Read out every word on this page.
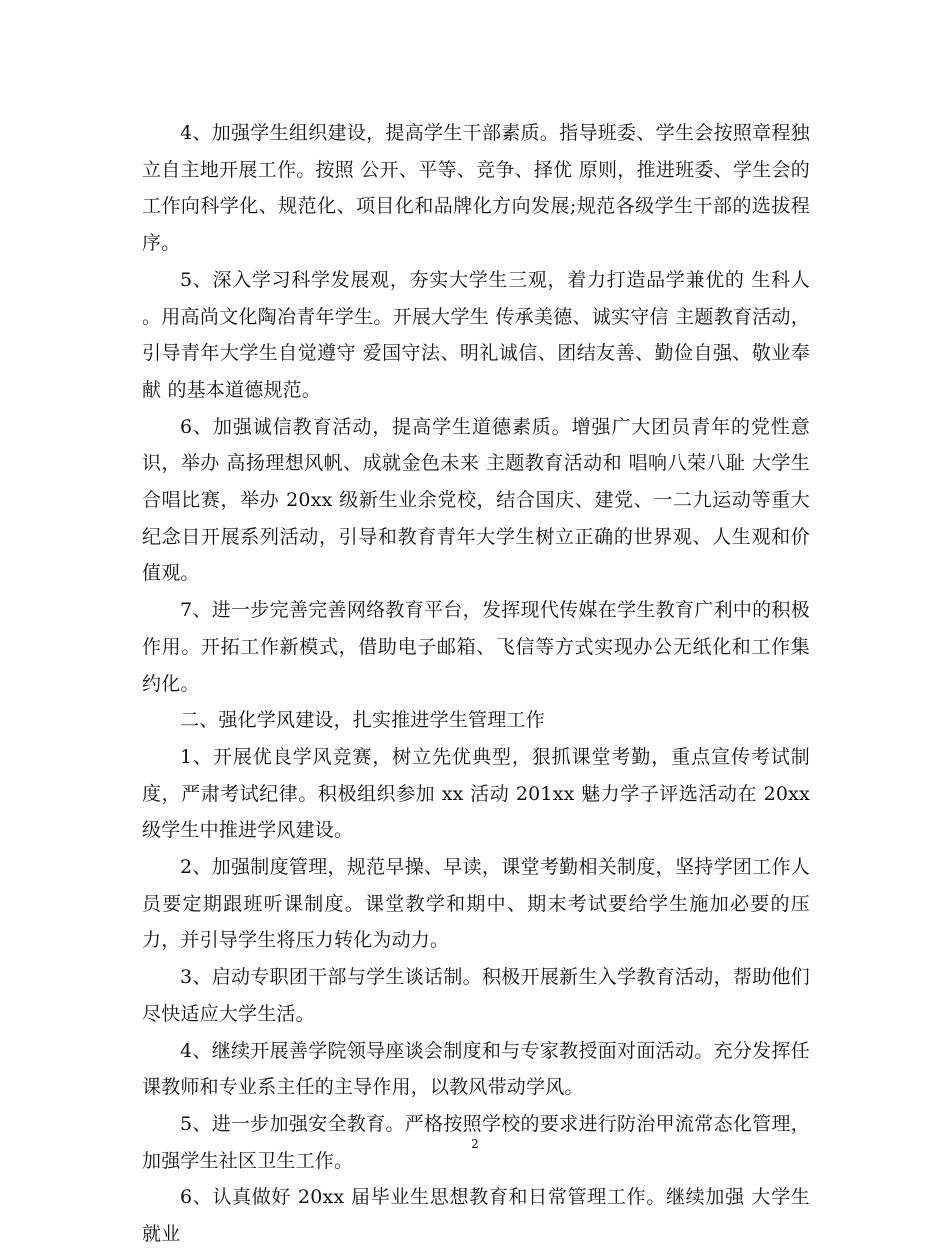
4、加强学生组织建设，提高学生干部素质。指导班委、学生会按照章程独立自主地开展工作。按照 公开、平等、竞争、择优 原则，推进班委、学生会的工作向科学化、规范化、项目化和品牌化方向发展;规范各级学生干部的选拔程序。

5、深入学习科学发展观，夯实大学生三观，着力打造品学兼优的 生科人 。用高尚文化陶冶青年学生。开展大学生 传承美德、诚实守信 主题教育活动，引导青年大学生自觉遵守 爱国守法、明礼诚信、团结友善、勤俭自强、敬业奉献 的基本道德规范。

6、加强诚信教育活动，提高学生道德素质。增强广大团员青年的党性意识，举办 高扬理想风帆、成就金色未来 主题教育活动和 唱响八荣八耻 大学生合唱比赛，举办 20xx 级新生业余党校，结合国庆、建党、一二九运动等重大纪念日开展系列活动，引导和教育青年大学生树立正确的世界观、人生观和价值观。

7、进一步完善完善网络教育平台，发挥现代传媒在学生教育广利中的积极作用。开拓工作新模式，借助电子邮箱、飞信等方式实现办公无纸化和工作集约化。

二、强化学风建设，扎实推进学生管理工作

1、开展优良学风竞赛，树立先优典型，狠抓课堂考勤，重点宣传考试制度，严肃考试纪律。积极组织参加 xx 活动 201xx 魅力学子评选活动在 20xx 级学生中推进学风建设。

2、加强制度管理，规范早操、早读，课堂考勤相关制度，坚持学团工作人员要定期跟班听课制度。课堂教学和期中、期末考试要给学生施加必要的压力，并引导学生将压力转化为动力。

3、启动专职团干部与学生谈话制。积极开展新生入学教育活动，帮助他们尽快适应大学生活。

4、继续开展善学院领导座谈会制度和与专家教授面对面活动。充分发挥任课教师和专业系主任的主导作用，以教风带动学风。

5、进一步加强安全教育。严格按照学校的要求进行防治甲流常态化管理，加强学生社区卫生工作。

6、认真做好 20xx 届毕业生思想教育和日常管理工作。继续加强 大学生就业

2
